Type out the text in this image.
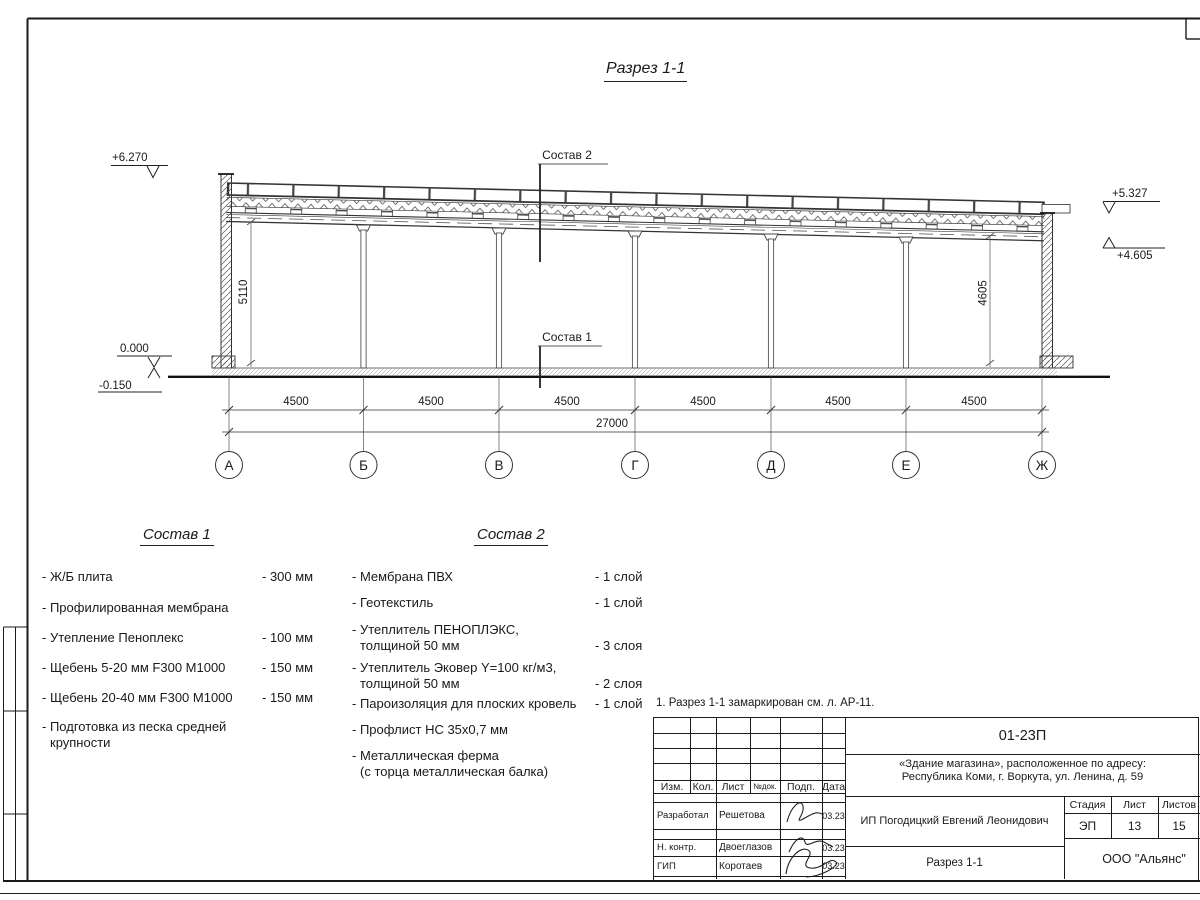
4500	4500	4500	4500	4500	4500
27000
А	Б	В	Г	Д	Е	Ж
5110	4605
+6.270
0.000
-0.150
+5.327
+4.605
Состав 2
Состав 1
Разрез 1-1
Состав 1
- Ж/Б плита	- 300 мм
- Профилированная мембрана
- Утепление Пеноплекс	- 100 мм
- Щебень 5-20 мм F300 М1000	- 150 мм
- Щебень 20-40 мм F300 М1000	- 150 мм
- Подготовка из песка средней
крупности
Состав 2
- Мембрана ПВХ	- 1 слой
- Геотекстиль	- 1 слой
- Утеплитель ПЕНОПЛЭКС,
толщиной 50 мм	- 3 слоя
- Утеплитель Эковер Y=100 кг/м3,
толщиной 50 мм	- 2 слоя
- Пароизоляция для плоских кровель	- 1 слой
- Профлист НС 35х0,7 мм
- Металлическая ферма
(с торца металлическая балка)
1. Разрез 1-1 замаркирован см. л. АР-11.
Изм. Кол. Лист	№док. Подп. Дата
Разработал	Решетова	03.23
Н. контр.	Двоеглазов	03.23
ГИП	Коротаев	03.23
01-23П
«Здание магазина», расположенное по адресу:
Республика Коми, г. Воркута, ул. Ленина, д. 59
ИП Погодицкий Евгений Леонидович
Разрез 1-1
Стадия	Лист	Листов
ЭП	13	15
ООО "Альянс"
